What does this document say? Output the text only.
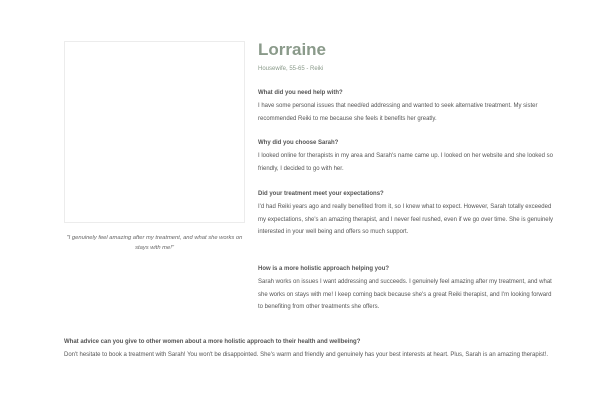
"I genuinely feel amazing after my treatment, and what she works on stays with me!"
Lorraine
Housewife, 55-65 - Reiki

What did you need help with?

I have some personal issues that need/ed addressing and wanted to seek alternative treatment. My sister recommended Reiki to me because she feels it benefits her greatly.

Why did you choose Sarah?

I looked online for therapists in my area and Sarah's name came up. I looked on her website and she looked so friendly, I decided to go with her.

Did your treatment meet your expectations?

I'd had Reiki years ago and really benefited from it, so I knew what to expect. However, Sarah totally exceeded my expectations, she's an amazing therapist, and I never feel rushed, even if we go over time. She is genuinely interested in your well being and offers so much support.

How is a more holistic approach helping you?

Sarah works on issues I want addressing and succeeds. I genuinely feel amazing after my treatment, and what she works on stays with me! I keep coming back because she's a great Reiki therapist, and I'm looking forward to benefiting from other treatments she offers.

What advice can you give to other women about a more holistic approach to their health and wellbeing?

Don't hesitate to book a treatment with Sarah! You won't be disappointed. She's warm and friendly and genuinely has your best interests at heart. Plus, Sarah is an amazing therapist!.
